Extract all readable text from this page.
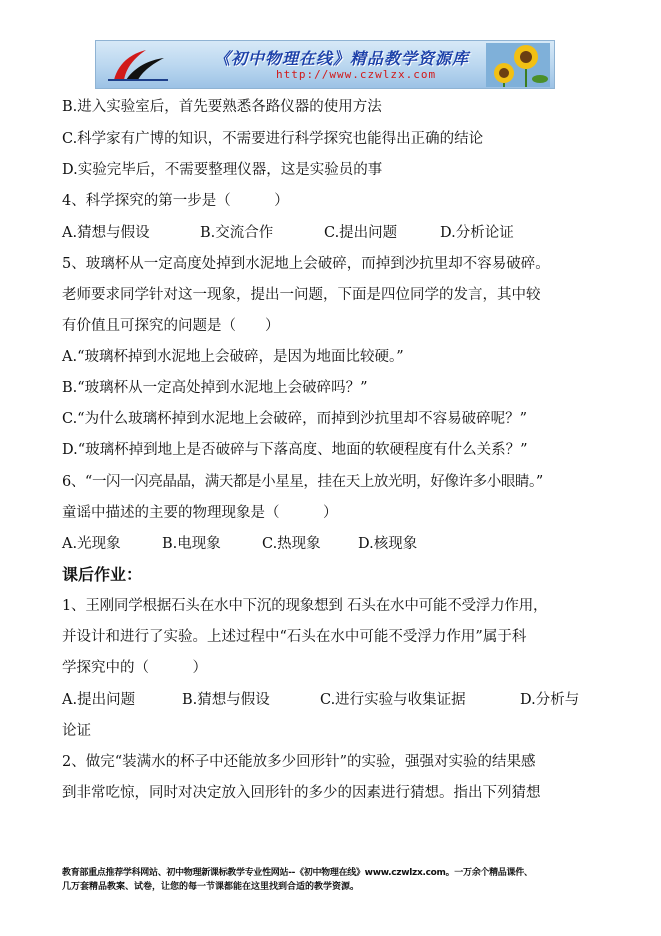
《初中物理在线》精品教学资源库
http://www.czwlzx.com
B.进入实验室后，首先要熟悉各路仪器的使用方法
C.科学家有广博的知识，不需要进行科学探究也能得出正确的结论
D.实验完毕后，不需要整理仪器，这是实验员的事
4、科学探究的第一步是（　　　）
A.猜想与假设	B.交流合作	C.提出问题	D.分析论证
5、玻璃杯从一定高度处掉到水泥地上会破碎，而掉到沙抗里却不容易破碎。
老师要求同学针对这一现象，提出一问题，下面是四位同学的发言，其中较
有价值且可探究的问题是（　　）
A.“玻璃杯掉到水泥地上会破碎，是因为地面比较硬。”
B.“玻璃杯从一定高处掉到水泥地上会破碎吗？”
C.“为什么玻璃杯掉到水泥地上会破碎，而掉到沙抗里却不容易破碎呢？”
D.“玻璃杯掉到地上是否破碎与下落高度、地面的软硬程度有什么关系？”
6、“一闪一闪亮晶晶，满天都是小星星，挂在天上放光明，好像许多小眼睛。”
童谣中描述的主要的物理现象是（　　　）
A.光现象	B.电现象	C.热现象	D.核现象
课后作业：
1、王刚同学根据石头在水中下沉的现象想到 石头在水中可能不受浮力作用，
并设计和进行了实验。上述过程中“石头在水中可能不受浮力作用”属于科
学探究中的（　　　）
A.提出问题	B.猜想与假设	C.进行实验与收集证据	D.分析与
论证
2、做完“装满水的杯子中还能放多少回形针”的实验，强强对实验的结果感
到非常吃惊，同时对决定放入回形针的多少的因素进行猜想。指出下列猜想
教育部重点推荐学科网站、初中物理新课标教学专业性网站--《初中物理在线》www.czwlzx.com。一万余个精品课件、
几万套精品教案、试卷，让您的每一节课都能在这里找到合适的教学资源。
